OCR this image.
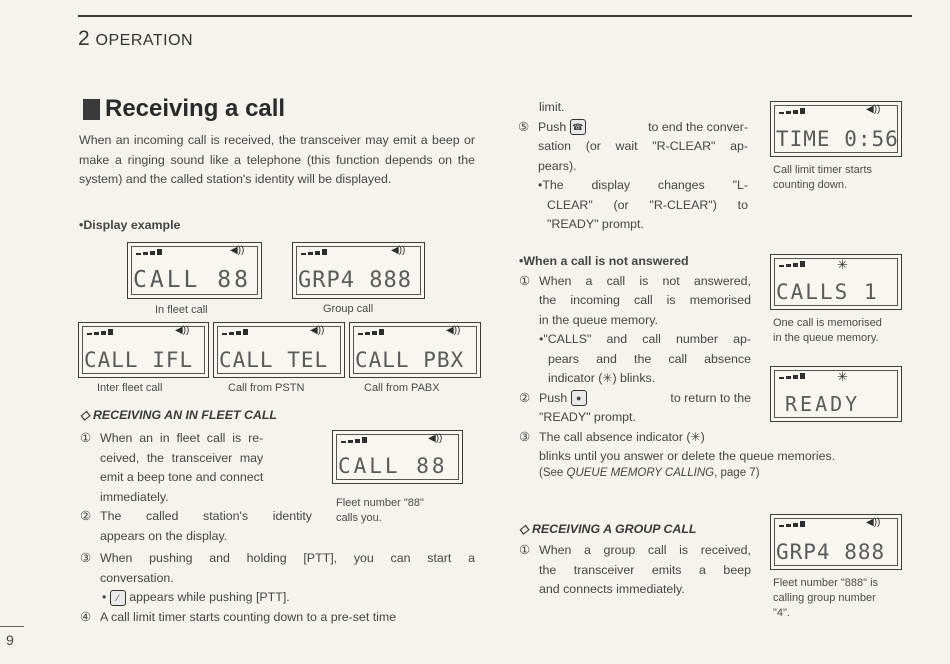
2 OPERATION
Receiving a call
When an incoming call is received, the transceiver may emit a beep or make a ringing sound like a telephone (this function depends on the system) and the called station's identity will be displayed.
•Display example
◀))
CALL 88
In fleet call
◀))
GRP4 888
Group call
◀))
CALL IFL
Inter fleet call
◀))
CALL TEL
Call from PSTN
◀))
CALL PBX
Call from PABX
◇ RECEIVING AN IN FLEET CALL
① When an in fleet call is re-
ceived, the transceiver may
emit a beep tone and connect
immediately.
② The called station's identity
appears on the display.
◀))
CALL 88
Fleet number "88"
calls you.
③ When pushing and holding [PTT], you can start a
conversation.
• ⁄ appears while pushing [PTT].
④ A call limit timer starts counting down to a pre-set time
limit.
⑤ Push ☎	to end the conver-
sation (or wait "R-CLEAR" ap-
pears).
•The display changes "L-
CLEAR" (or "R-CLEAR") to
"READY" prompt.
◀))
TIME 0:56
Call limit timer starts
counting down.
•When a call is not answered
① When a call is not answered,
the incoming call is memorised
in the queue memory.
•"CALLS" and call number ap-
pears and the call absence
indicator (✳) blinks.
② Push ●	to return to the
"READY" prompt.
③ The call absence indicator (✳)
blinks until you answer or delete the queue memories.
(See QUEUE MEMORY CALLING, page 7)
✳
CALLS 1
One call is memorised
in the queue memory.
✳
READY
◇ RECEIVING A GROUP CALL
① When a group call is received,
the transceiver emits a beep
and connects immediately.
◀))
GRP4 888
Fleet number "888" is
calling group number
"4".
9
